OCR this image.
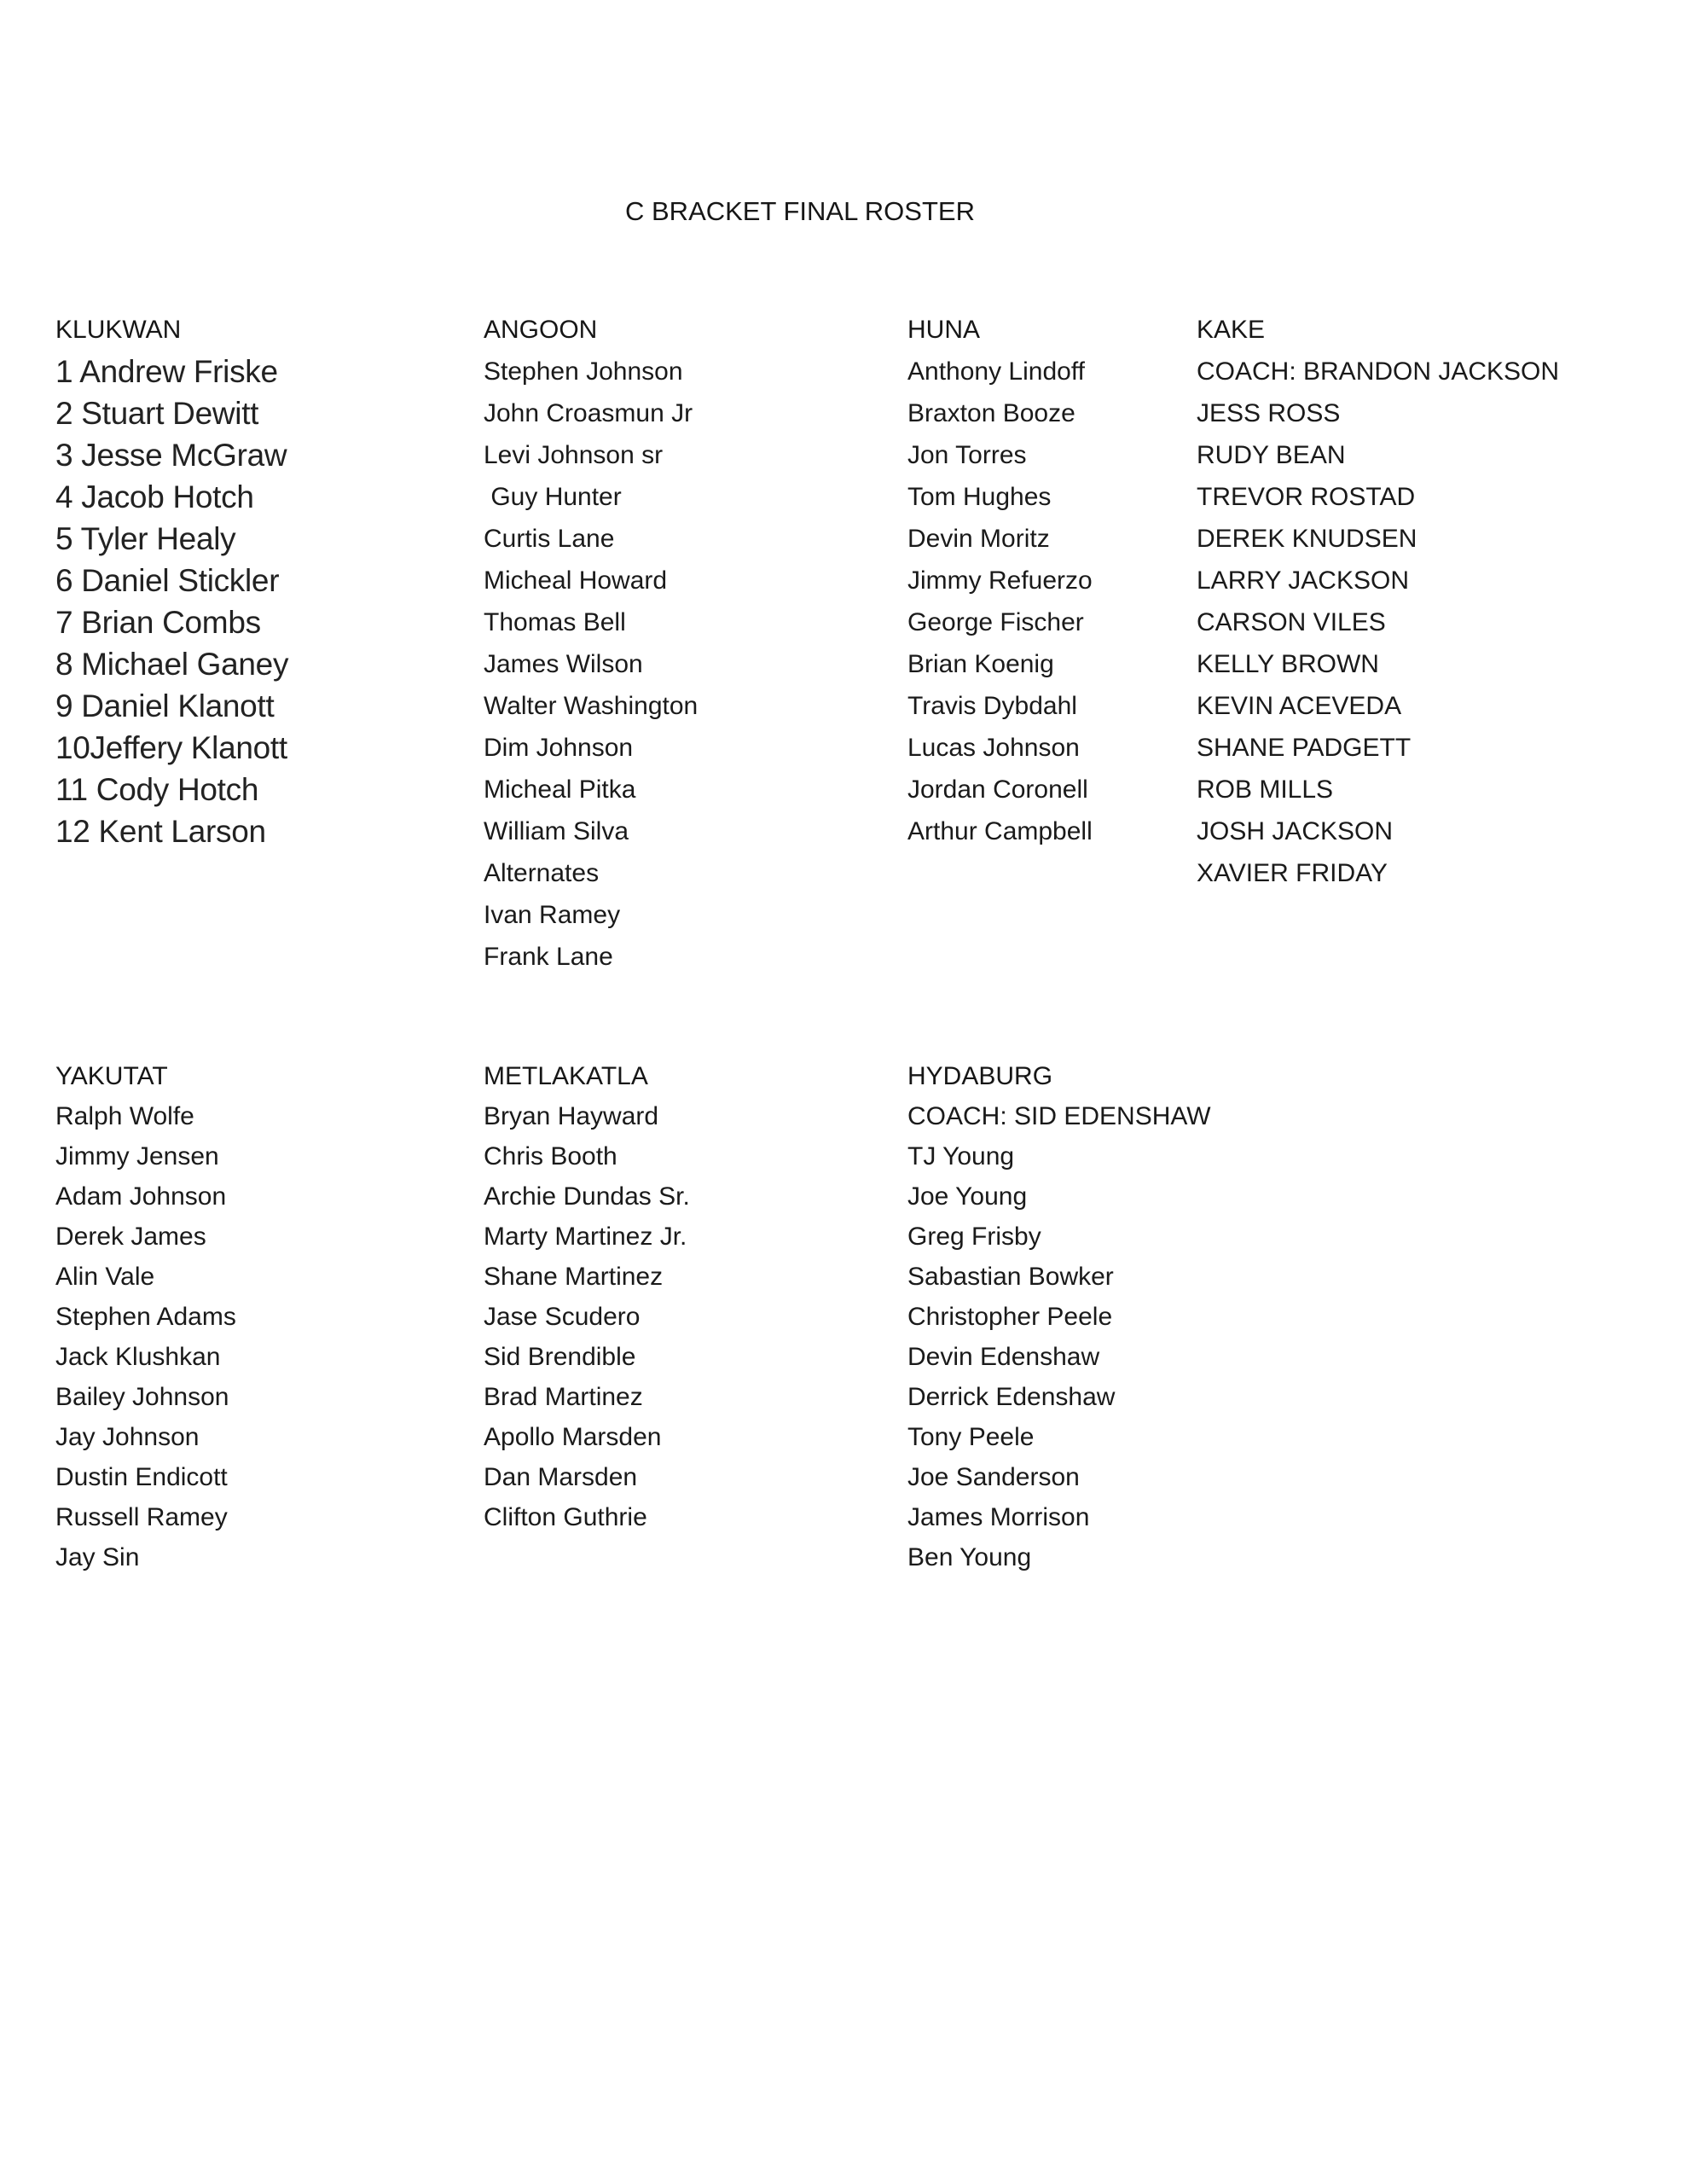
C BRACKET FINAL ROSTER
KLUKWAN
1 Andrew Friske
2 Stuart Dewitt
3 Jesse McGraw
4 Jacob Hotch
5 Tyler Healy
6 Daniel Stickler
7 Brian Combs
8 Michael Ganey
9 Daniel Klanott
10Jeffery Klanott
11 Cody Hotch
12 Kent Larson
ANGOON
Stephen Johnson
John Croasmun Jr
Levi Johnson sr
Guy Hunter
Curtis Lane
Micheal Howard
Thomas Bell
James Wilson
Walter Washington
Dim Johnson
Micheal Pitka
William Silva
Alternates
Ivan Ramey
Frank Lane
HUNA
Anthony Lindoff
Braxton Booze
Jon Torres
Tom Hughes
Devin Moritz
Jimmy Refuerzo
George Fischer
Brian Koenig
Travis Dybdahl
Lucas Johnson
Jordan Coronell
Arthur Campbell
KAKE
COACH: BRANDON JACKSON
JESS ROSS
RUDY BEAN
TREVOR ROSTAD
DEREK KNUDSEN
LARRY JACKSON
CARSON VILES
KELLY BROWN
KEVIN ACEVEDA
SHANE PADGETT
ROB MILLS
JOSH JACKSON
XAVIER FRIDAY
YAKUTAT
Ralph Wolfe
Jimmy Jensen
Adam Johnson
Derek James
Alin Vale
Stephen Adams
Jack Klushkan
Bailey Johnson
Jay Johnson
Dustin Endicott
Russell Ramey
Jay Sin
METLAKATLA
Bryan Hayward
Chris Booth
Archie Dundas Sr.
Marty Martinez Jr.
Shane Martinez
Jase Scudero
Sid Brendible
Brad Martinez
Apollo Marsden
Dan Marsden
Clifton Guthrie
HYDABURG
COACH: SID EDENSHAW
TJ Young
Joe Young
Greg Frisby
Sabastian Bowker
Christopher Peele
Devin Edenshaw
Derrick Edenshaw
Tony Peele
Joe Sanderson
James Morrison
Ben Young
